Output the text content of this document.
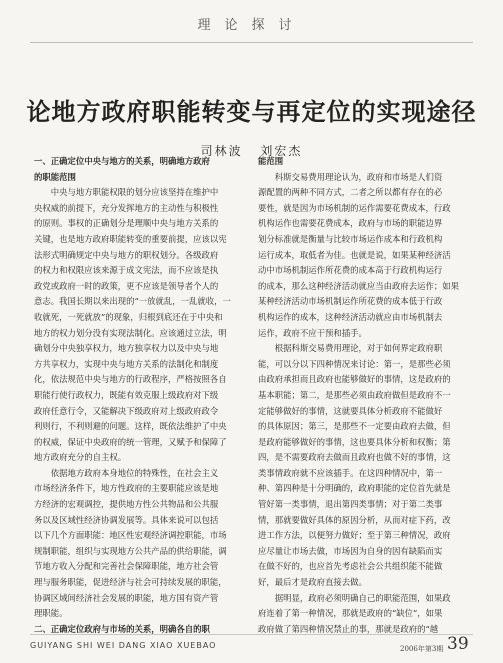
理论探讨
论地方政府职能转变与再定位的实现途径
司林波 刘宏杰

一、正确定位中央与地方的关系，明确地方政府

的职能范围

中央与地方职能权限的划分应该坚持在维护中

央权威的前提下，充分发挥地方的主动性与积极性

的原则。事权的正确划分是理顺中央与地方关系的

关键，也是地方政府职能转变的重要前提，应该以宪

法形式明确规定中央与地方的职权划分。各级政府

的权力和权限应该来源于成文宪法，而不应该是执

政党或政府一时的政策，更不应该是领导者个人的

意志。我国长期以来出现的“一放就乱，一乱就收，一

收就死，一死就放”的现象，归根到底还在于中央和

地方的权力划分没有实现法制化。应该通过立法，明

确划分中央独享权力，地方独享权力以及中央与地

方共享权力，实现中央与地方关系的法制化和制度

化，依法规范中央与地方的行政程序，严格按照各自

职能行使行政权力，既能有效克服上级政府对下级

政府任意行令，又能解决下级政府对上级政府政令

利则行，不利则避的问题。这样，既依法维护了中央

的权威，保证中央政府的统一管理，又赋予和保障了

地方政府充分的自主权。

依据地方政府本身地位的特殊性，在社会主义

市场经济条件下，地方性政府的主要职能应该是地

方经济的宏观调控，提供地方性公共物品和公共服

务以及区域性经济协调发展等。具体来说可以包括

以下几个方面职能：地区性宏观经济调控职能，市场

规制职能，组织与实现地方公共产品的供给职能，调

节地方收入分配和完善社会保障职能，地方社会管

理与服务职能，促进经济与社会可持续发展的职能，

协调区域间经济社会发展的职能，地方国有资产管

理职能。

二、正确定位政府与市场的关系，明确各自的职

能范围

科斯交易费用理论认为，政府和市场是人们资

源配置的两种不同方式，二者之所以都有存在的必

要性，就是因为市场机制的运作需要花费成本，行政

机构运作也需要花费成本，政府与市场的职能边界

划分标准就是衡量与比较市场运作成本和行政机构

运行成本，取低者为佳。也就是说，如果某种经济活

动中市场机制运作所花费的成本高于行政机构运行

的成本，那么这种经济活动就应当由政府去运作；如果

某种经济活动市场机制运作所花费的成本低于行政

机构运作的成本，这种经济活动就应由市场机制去

运作，政府不应干预和插手。

根据科斯交易费用理论，对于如何界定政府职

能，可以分以下四种情况来讨论：第一，是那些必须

由政府承担而且政府也能够做好的事情，这是政府的

基本职能；第二，是那些必须由政府做但是政府不一

定能够做好的事情，这就要具体分析政府不能做好

的具体原因；第三，是那些不一定要由政府去做，但

是政府能够做好的事情，这也要具体分析和权衡；第

四，是不需要政府去做而且政府也做不好的事情，这

类事情政府就不应该插手。在这四种情况中，第一

种、第四种是十分明确的，政府职能的定位首先就是

管好第一类事情，退出第四类事情；对于第二类事

情，那就要做好具体的原因分析，从而对症下药，改

进工作方法，以便努力做好；至于第三种情况，政府

应尽量让市场去做，市场因为自身的因有缺陷而实

在做不好的，也应首先考虑社会公共组织能不能做

好，最后才是政府直接去做。

据明显，政府必须明确自己的职能范围，如果政

府连着了第一种情况，那就是政府的“缺位”，如果

政府做了第四种情况禁止的事，那就是政府的“越

GUIYANG SHI WEI DANG XIAO XUEBAO	2006年第3期 39
